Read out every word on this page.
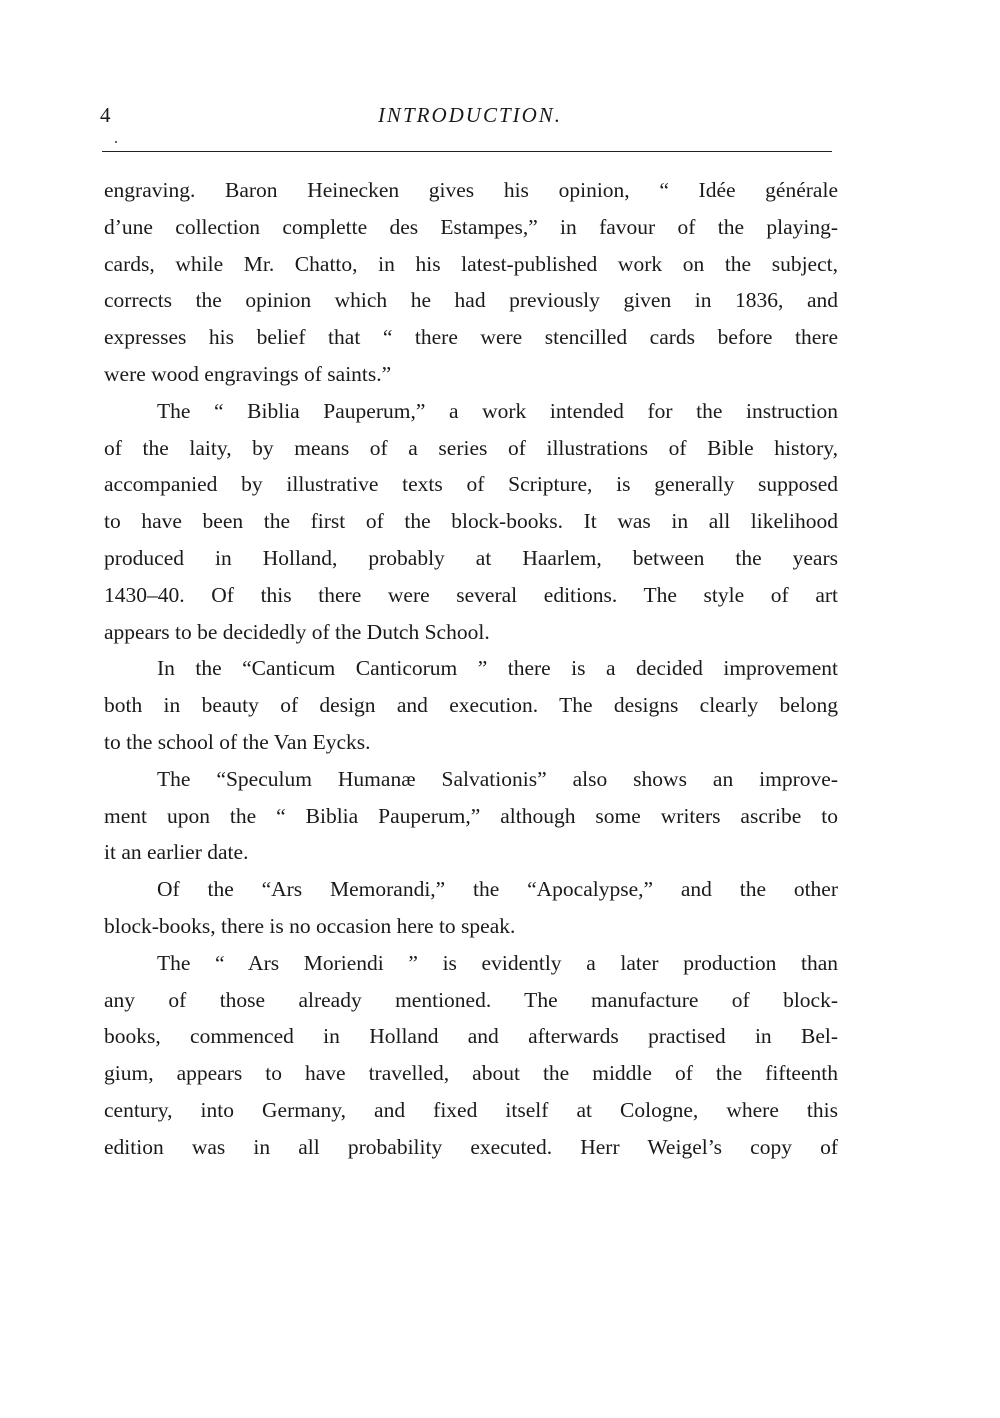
4	INTRODUCTION.
engraving. Baron Heinecken gives his opinion, “ Idée générale
d’une collection complette des Estampes,” in favour of the playing-
cards, while Mr. Chatto, in his latest-published work on the subject,
corrects the opinion which he had previously given in 1836, and
expresses his belief that “ there were stencilled cards before there
were wood engravings of saints.”
The “ Biblia Pauperum,” a work intended for the instruction
of the laity, by means of a series of illustrations of Bible history,
accompanied by illustrative texts of Scripture, is generally supposed
to have been the first of the block-books. It was in all likelihood
produced in Holland, probably at Haarlem, between the years
1430–40. Of this there were several editions. The style of art
appears to be decidedly of the Dutch School.
In the “Canticum Canticorum ” there is a decided improvement
both in beauty of design and execution. The designs clearly belong
to the school of the Van Eycks.
The “Speculum Humanæ Salvationis” also shows an improve-
ment upon the “ Biblia Pauperum,” although some writers ascribe to
it an earlier date.
Of the “Ars Memorandi,” the “Apocalypse,” and the other
block-books, there is no occasion here to speak.
The “ Ars Moriendi ” is evidently a later production than
any of those already mentioned. The manufacture of block-
books, commenced in Holland and afterwards practised in Bel-
gium, appears to have travelled, about the middle of the fifteenth
century, into Germany, and fixed itself at Cologne, where this
edition was in all probability executed. Herr Weigel’s copy of
